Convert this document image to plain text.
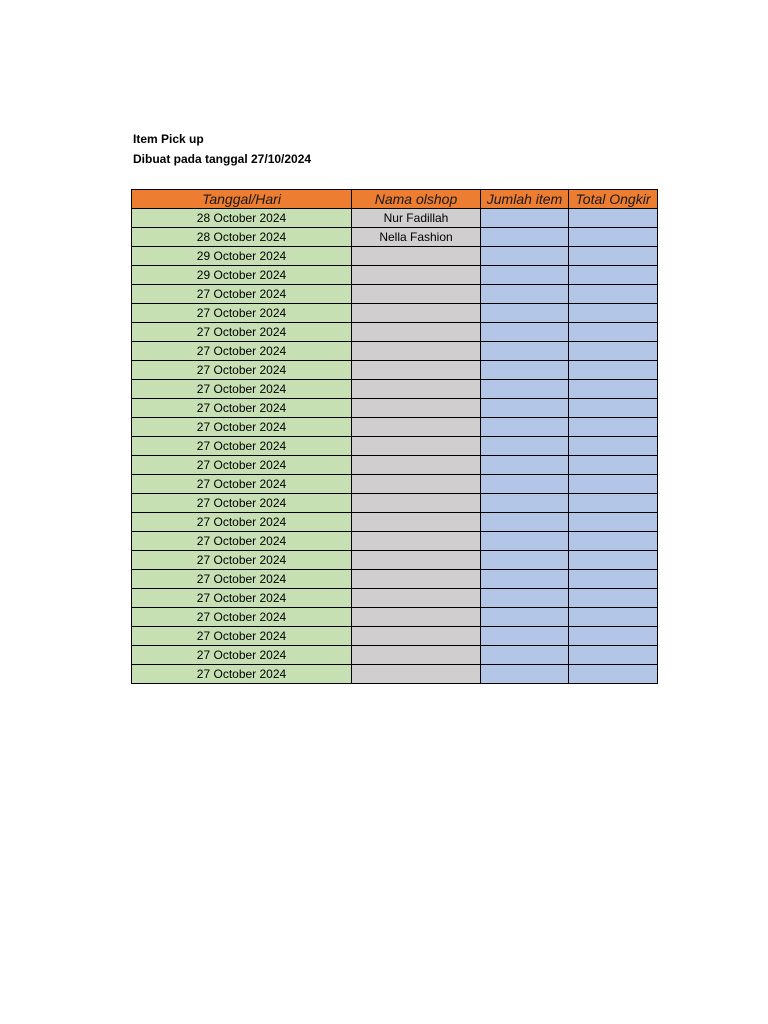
Item Pick up
Dibuat pada tanggal 27/10/2024
Tanggal/Hari	Nama olshop	Jumlah item	Total Ongkir
28 October 2024	Nur Fadillah		
28 October 2024	Nella Fashion		
29 October 2024			
29 October 2024			
27 October 2024			
27 October 2024			
27 October 2024			
27 October 2024			
27 October 2024			
27 October 2024			
27 October 2024			
27 October 2024			
27 October 2024			
27 October 2024			
27 October 2024			
27 October 2024			
27 October 2024			
27 October 2024			
27 October 2024			
27 October 2024			
27 October 2024			
27 October 2024			
27 October 2024			
27 October 2024			
27 October 2024			
